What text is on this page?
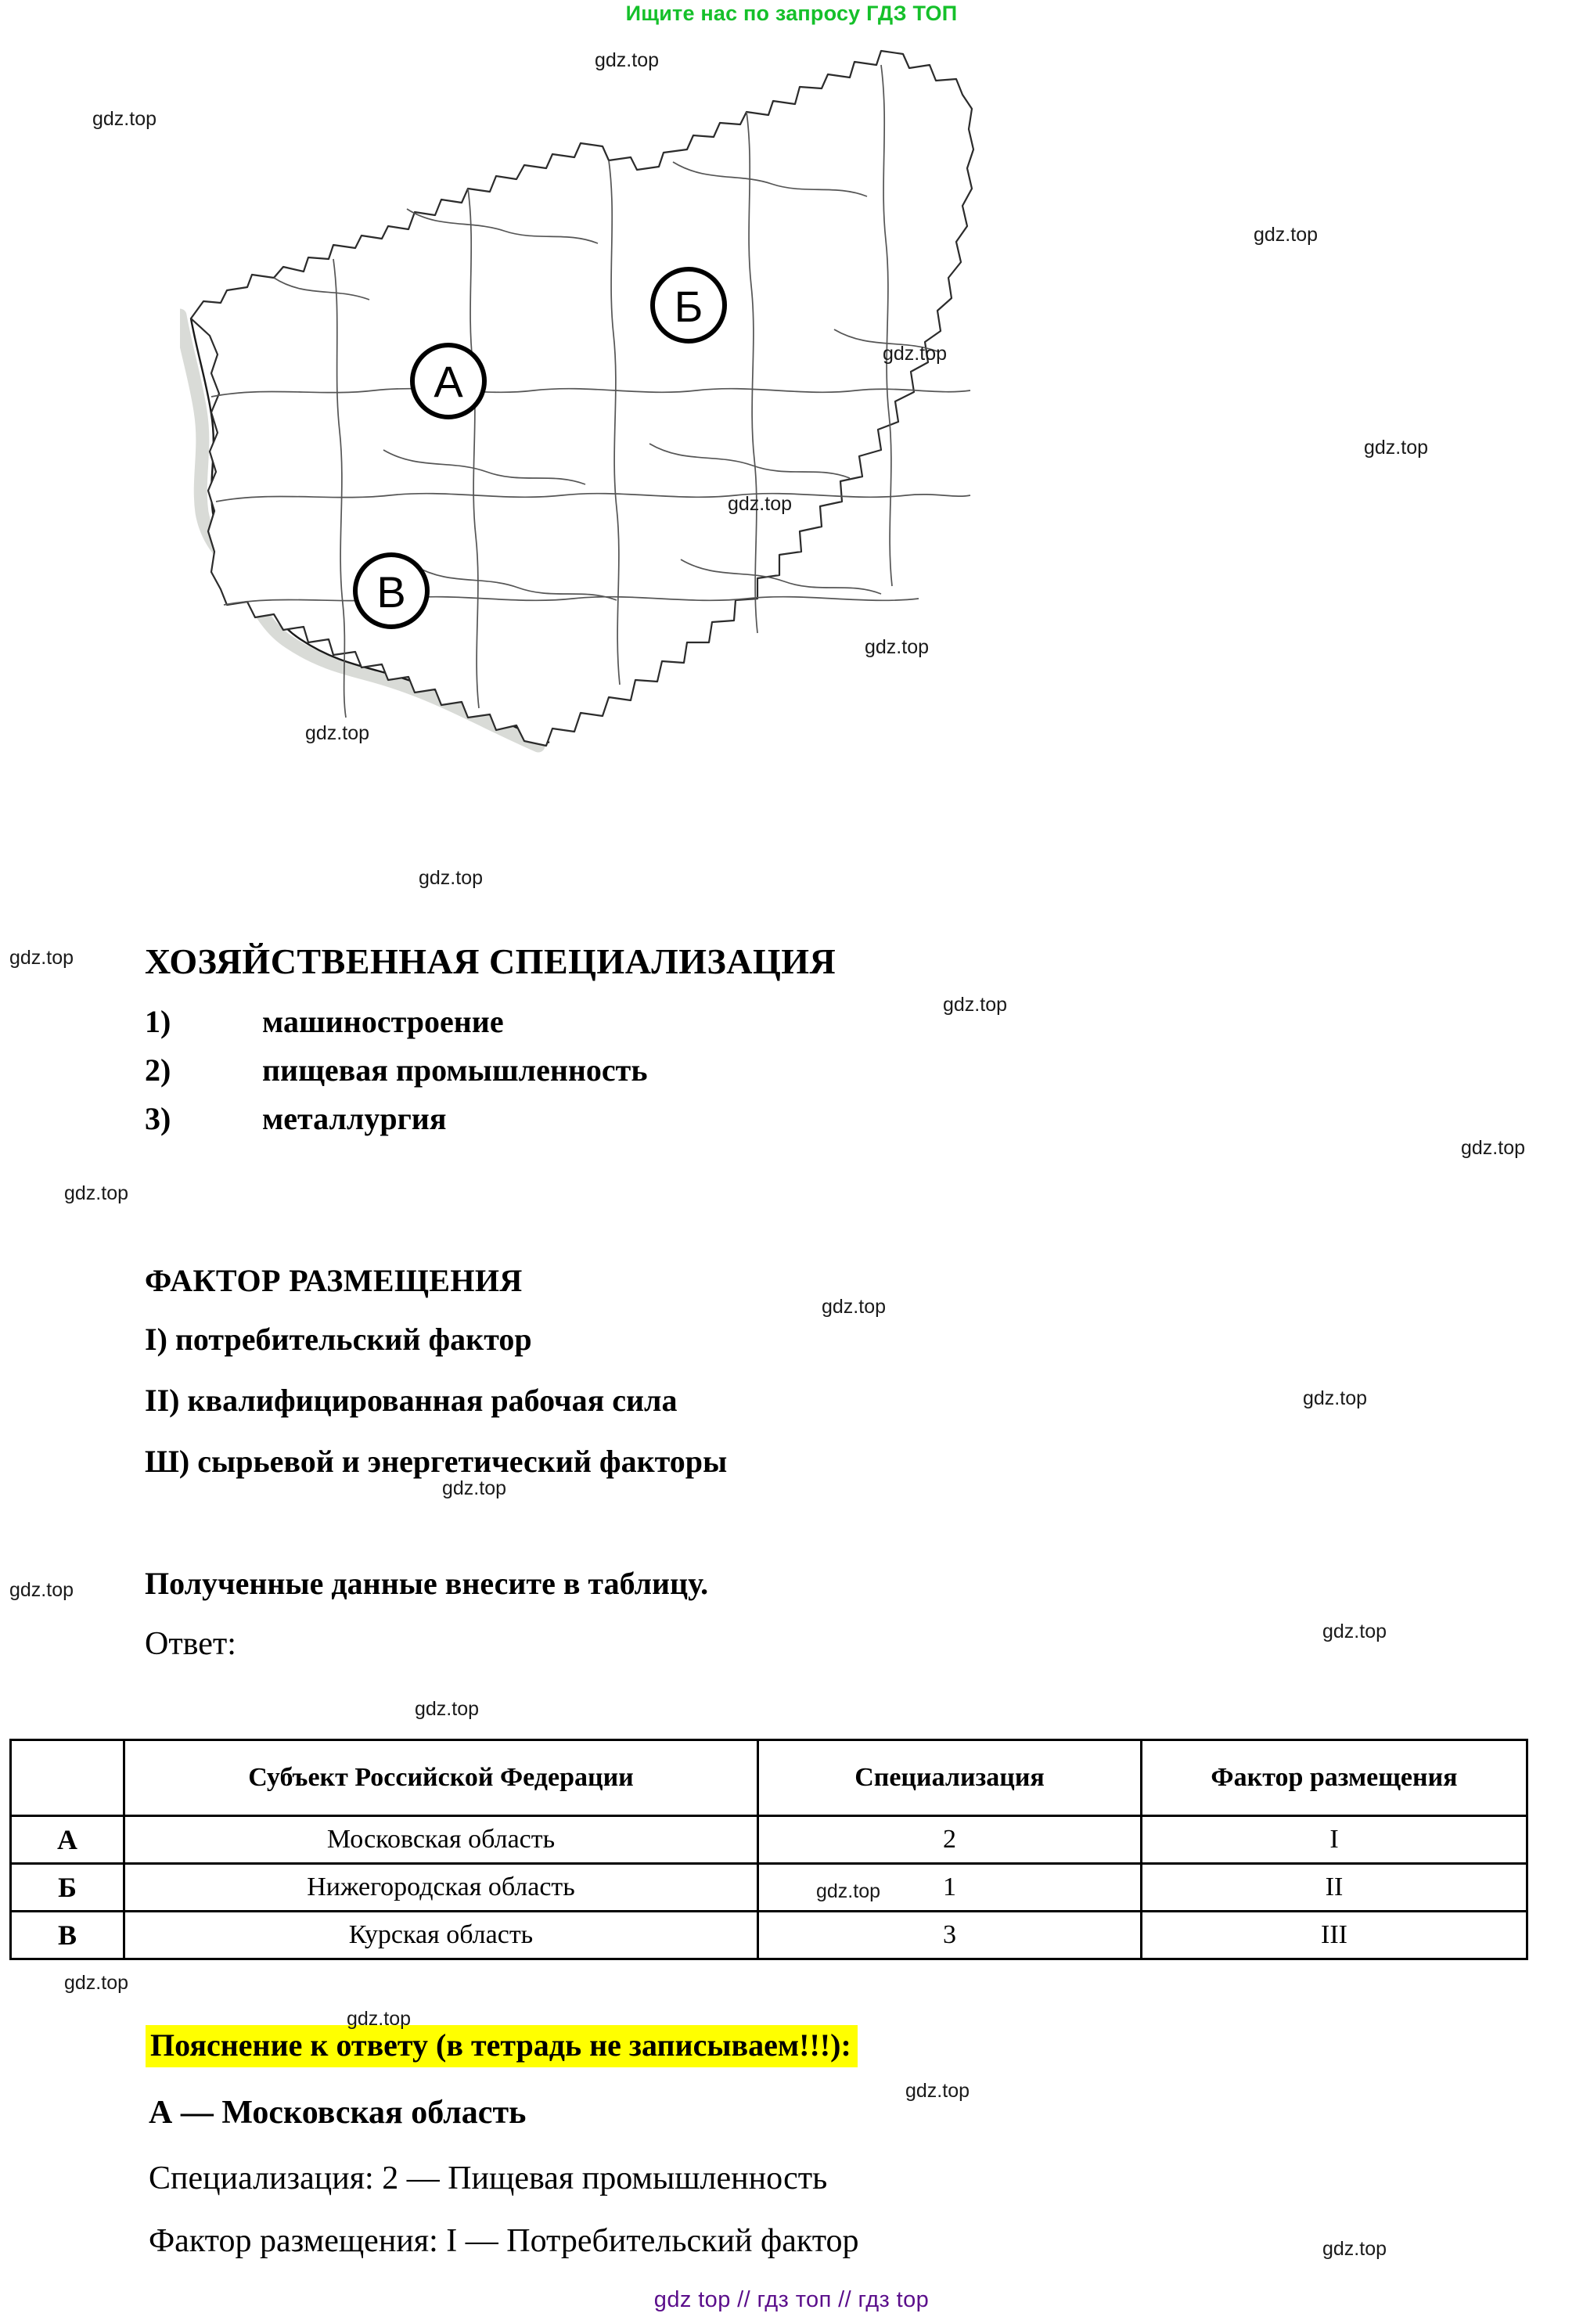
Ищите нас по запросу ГДЗ ТОП
А
Б
В
ХОЗЯЙСТВЕННАЯ СПЕЦИАЛИЗАЦИЯ
1)	машиностроение
2)	пищевая промышленность
3)	металлургия
ФАКТОР РАЗМЕЩЕНИЯ
I) потребительский фактор
II) квалифицированная рабочая сила
Ш) сырьевой и энергетический факторы
Полученные данные внесите в таблицу.
Ответ:
	Субъект Российской Федерации	Специализация	Фактор размещения
А	Московская область	2	I
Б	Нижегородская область	1	II
В	Курская область	3	III
Пояснение к ответу (в тетрадь не записываем!!!):
А — Московская область
Специализация: 2 — Пищевая промышленность
Фактор размещения: I — Потребительский фактор
gdz top // гдз топ // гдз top
gdz.top
gdz.top
gdz.top
gdz.top
gdz.top
gdz.top
gdz.top
gdz.top
gdz.top
gdz.top
gdz.top
gdz.top
gdz.top
gdz.top
gdz.top
gdz.top
gdz.top
gdz.top
gdz.top
gdz.top
gdz.top
gdz.top
gdz.top
gdz.top
